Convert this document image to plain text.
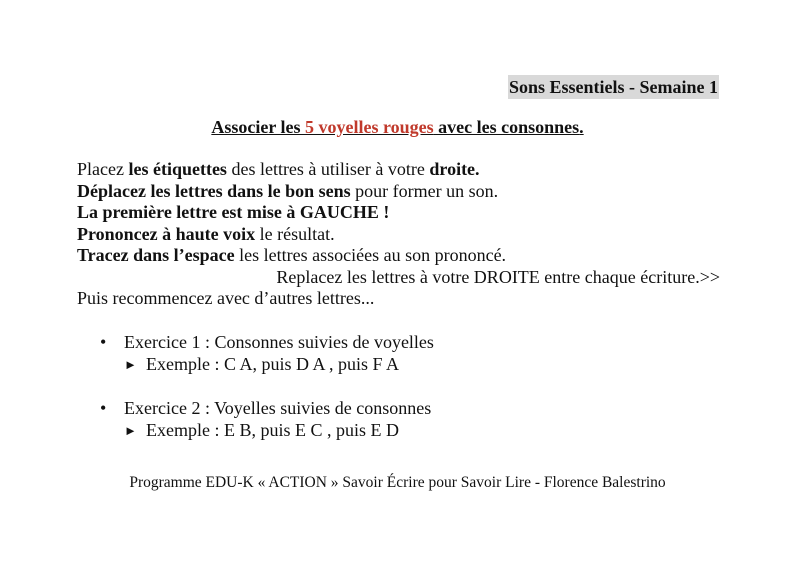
Sons Essentiels - Semaine 1
Associer les 5 voyelles rouges avec les consonnes.
Placez les étiquettes des lettres à utiliser à votre droite.
Déplacez les lettres dans le bon sens pour former un son.
La première lettre est mise à GAUCHE !
Prononcez à haute voix le résultat.
Tracez dans l’espace les lettres associées au son prononcé.
Replacez les lettres à votre DROITE entre chaque écriture.>>
Puis recommencez avec d’autres lettres...
• Exercice 1 : Consonnes suivies de voyelles
► Exemple : C A, puis D A , puis F A
• Exercice 2 : Voyelles suivies de consonnes
► Exemple : E B, puis E C , puis E D
Programme EDU-K « ACTION » Savoir Écrire pour Savoir Lire - Florence Balestrino
